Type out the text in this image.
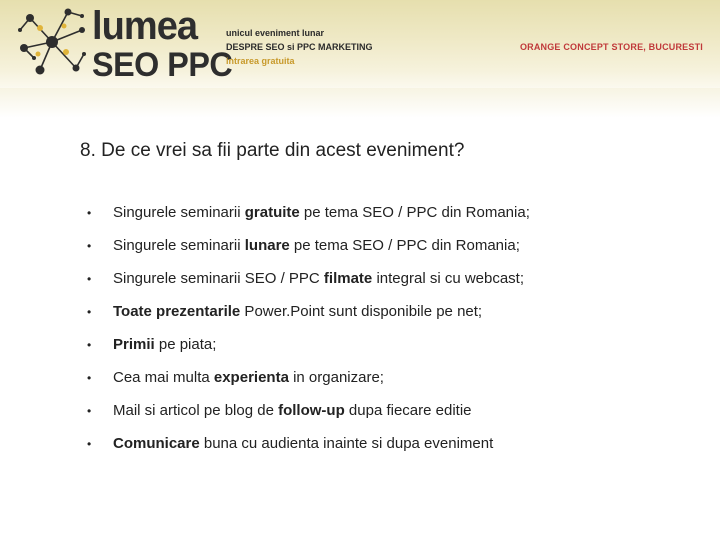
lumea
SEO PPC
unicul eveniment lunar
DESPRE SEO si PPC MARKETING
intrarea gratuita
ORANGE CONCEPT STORE, BUCURESTI
8. De ce vrei sa fii parte din acest eveniment?
•	Singurele seminarii gratuite pe tema SEO / PPC din Romania;
•	Singurele seminarii lunare pe tema SEO / PPC din Romania;
•	Singurele seminarii SEO / PPC filmate integral si cu webcast;
•	Toate prezentarile Power.Point sunt disponibile pe net;
•	Primii pe piata;
•	Cea mai multa experienta in organizare;
•	Mail si articol pe blog de follow-up dupa fiecare editie
•	Comunicare buna cu audienta inainte si dupa eveniment
